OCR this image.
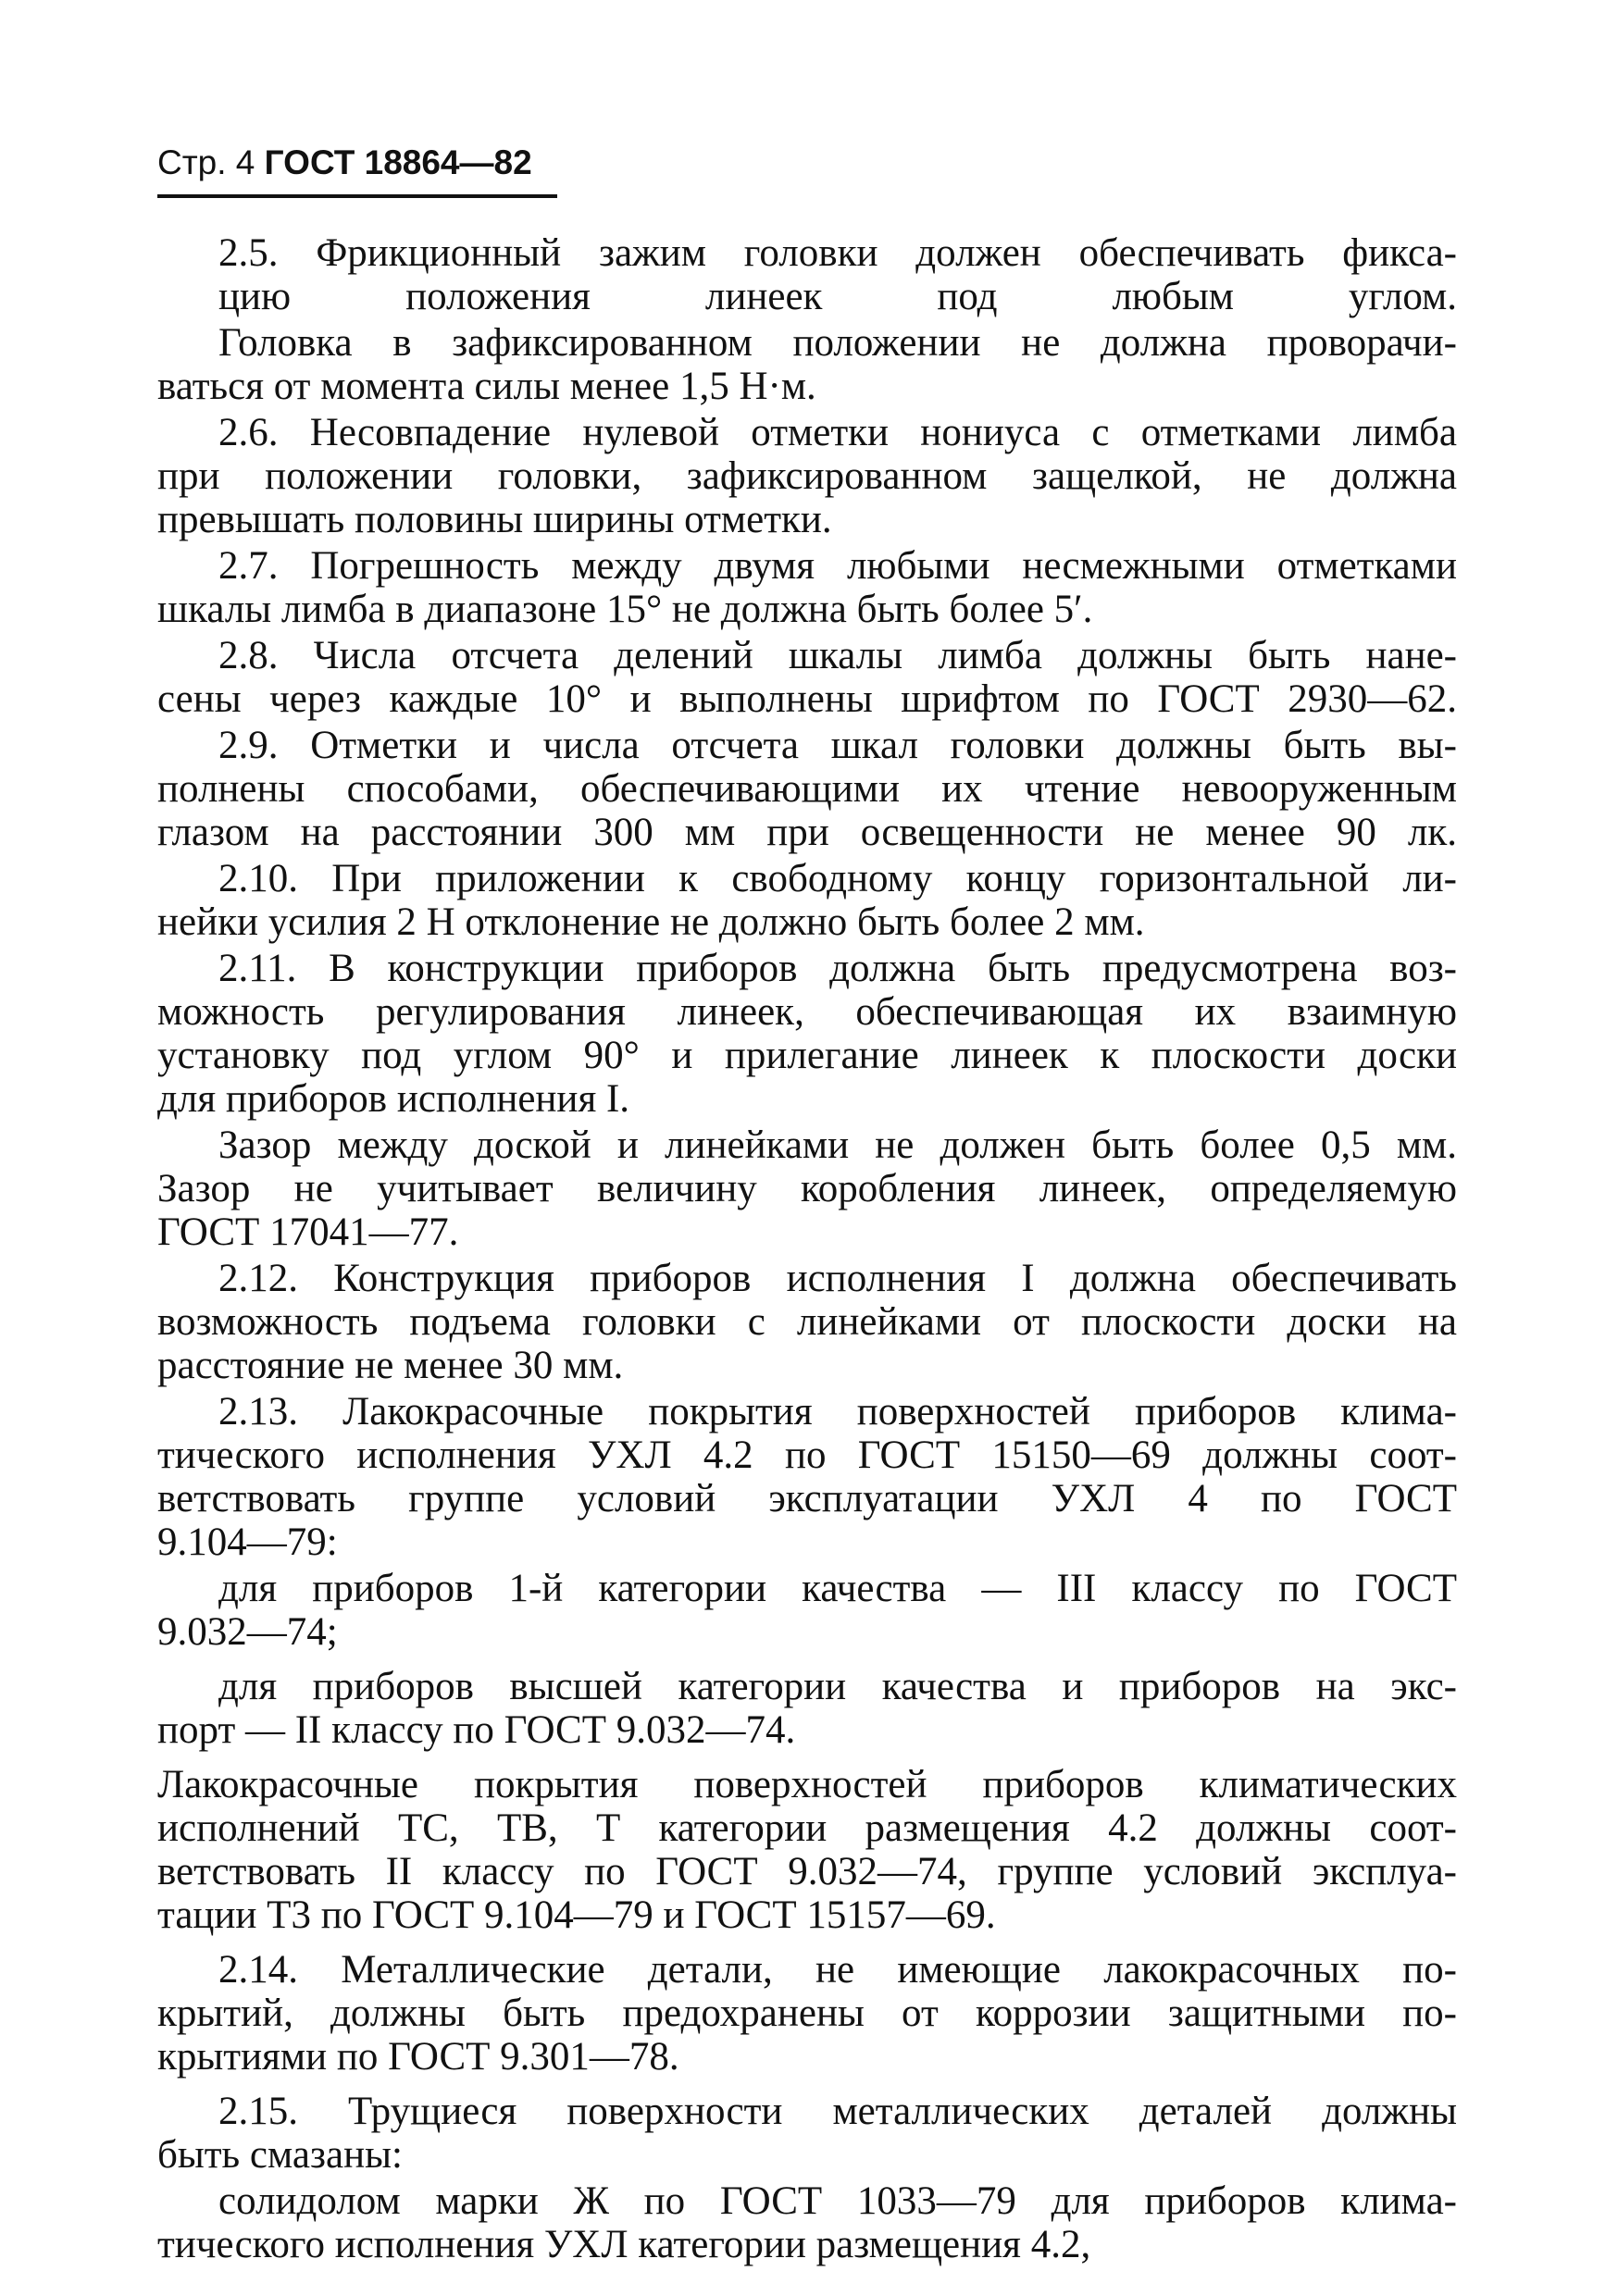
Стр. 4 ГОСТ 18864—82

2.5. Фрикционный зажим головки должен обеспечивать фикса-
цию положения линеек под любым углом.

Головка в зафиксированном положении не должна проворачи-
ваться от момента силы менее 1,5 Н·м.

2.6. Несовпадение нулевой отметки нониуса с отметками лимба
при положении головки, зафиксированном защелкой, не должна
превышать половины ширины отметки.

2.7. Погрешность между двумя любыми несмежными отметками
шкалы лимба в диапазоне 15° не должна быть более 5′.

2.8. Числа отсчета делений шкалы лимба должны быть нане-
сены через каждые 10° и выполнены шрифтом по ГОСТ 2930—62.

2.9. Отметки и числа отсчета шкал головки должны быть вы-
полнены способами, обеспечивающими их чтение невооруженным
глазом на расстоянии 300 мм при освещенности не менее 90 лк.

2.10. При приложении к свободному концу горизонтальной ли-
нейки усилия 2 Н отклонение не должно быть более 2 мм.

2.11. В конструкции приборов должна быть предусмотрена воз-
можность регулирования линеек, обеспечивающая их взаимную
установку под углом 90° и прилегание линеек к плоскости доски
для приборов исполнения I.

Зазор между доской и линейками не должен быть более 0,5 мм.
Зазор не учитывает величину коробления линеек, определяемую
ГОСТ 17041—77.

2.12. Конструкция приборов исполнения I должна обеспечивать
возможность подъема головки с линейками от плоскости доски на
расстояние не менее 30 мм.

2.13. Лакокрасочные покрытия поверхностей приборов клима-
тического исполнения УХЛ 4.2 по ГОСТ 15150—69 должны соот-
ветствовать группе условий эксплуатации УХЛ 4 по ГОСТ
9.104—79:

для приборов 1-й категории качества — III классу по ГОСТ
9.032—74;

для приборов высшей категории качества и приборов на экс-
порт — II классу по ГОСТ 9.032—74.

Лакокрасочные покрытия поверхностей приборов климатических
исполнений ТС, ТВ, Т категории размещения 4.2 должны соот-
ветствовать II классу по ГОСТ 9.032—74, группе условий эксплуа-
тации Т3 по ГОСТ 9.104—79 и ГОСТ 15157—69.

2.14. Металлические детали, не имеющие лакокрасочных по-
крытий, должны быть предохранены от коррозии защитными по-
крытиями по ГОСТ 9.301—78.

2.15. Трущиеся поверхности металлических деталей должны
быть смазаны:

солидолом марки Ж по ГОСТ 1033—79 для приборов клима-
тического исполнения УХЛ категории размещения 4.2,
